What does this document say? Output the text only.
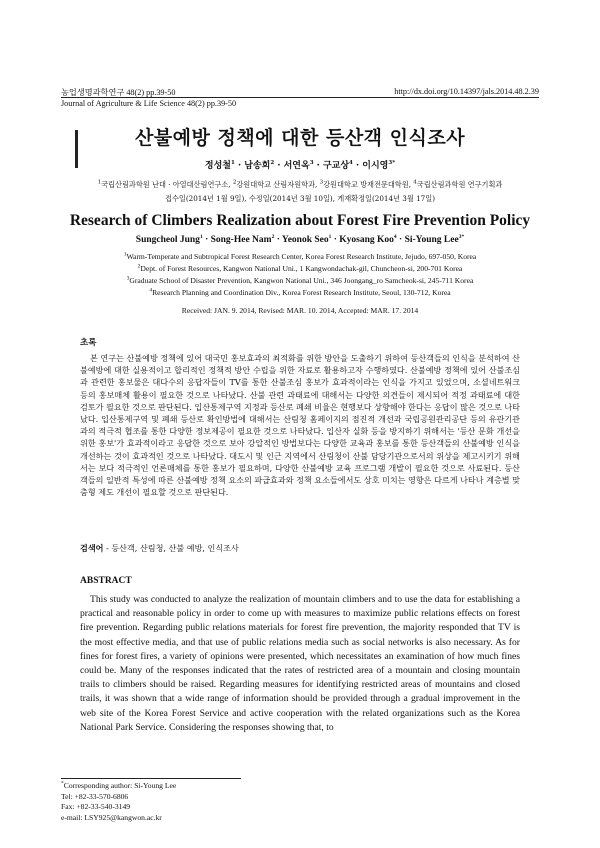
농업생명과학연구 48(2) pp.39-50	http://dx.doi.org/10.14397/jals.2014.48.2.39
Journal of Agriculture & Life Science 48(2) pp.39-50
산불예방 정책에 대한 등산객 인식조사
정성철$^1$ · 남송희$^2$ · 서연옥$^3$ · 구교상$^4$ · 이시영$^{3*}$
$^1$국립산림과학원 난대 · 아열대산림연구소, $^2$강원대학교 산림자원학과, $^3$강원대학교 방재전문대학원, $^4$국립산림과학원 연구기획과
접수일(2014년 1월 9일), 수정일(2014년 3월 10일), 게재확정일(2014년 3월 17일)
Research of Climbers Realization about Forest Fire Prevention Policy
Sungcheol Jung$^1$ · Song-Hee Nam$^2$ · Yeonok Seo$^1$ · Kyosang Koo$^4$ · Si-Young Lee$^{3*}$
$^1$Warm-Temperate and Subtropical Forest Research Center, Korea Forest Research Institute, Jejudo, 697-050, Korea
$^2$Dept. of Forest Resources, Kangwon National Uni., 1 Kangwondachak-gil, Chuncheon-si, 200-701 Korea
$^3$Graduate School of Disaster Prevention, Kangwon National Uni., 346 Joongang_ro Samcheok-si, 245-711 Korea
$^4$Research Planning and Coordination Div., Korea Forest Research Institute, Seoul, 130-712, Korea
Received: JAN. 9. 2014, Revised: MAR. 10. 2014, Accepted: MAR. 17. 2014
초록

본 연구는 산불예방 정책에 있어 대국민 홍보효과의 최적화를 위한 방안을 도출하기 위하여 등산객들의 인식을 분석하여 산불예방에 대한 실용적이고 합리적인 정책적 방안 수립을 위한 자료로 활용하고자 수행하였다. 산불예방 정책에 있어 산불조심과 관련한 홍보물은 대다수의 응답자들이 TV를 통한 산불조심 홍보가 효과적이라는 인식을 가지고 있었으며, 소셜네트워크 등의 홍보매체 활용이 필요한 것으로 나타났다. 산불 관련 과태료에 대해서는 다양한 의견들이 제시되어 적정 과태료에 대한 검토가 필요한 것으로 판단된다. 입산통제구역 지정과 등산로 폐쇄 비율은 현행보다 상향해야 한다는 응답이 많은 것으로 나타났다. 입산통제구역 및 폐쇄 등산로 확인방법에 대해서는 산림청 홈페이지의 점진적 개선과 국립공원관리공단 등의 유관기관과의 적극적 협조를 통한 다양한 정보제공이 필요한 것으로 나타났다. 입산자 실화 등을 방지하기 위해서는 '등산 문화 개선을 위한 홍보'가 효과적이라고 응답한 것으로 보아 강압적인 방법보다는 다양한 교육과 홍보를 통한 등산객들의 산불예방 인식을 개선하는 것이 효과적인 것으로 나타났다. 대도시 및 인근 지역에서 산림청이 산불 담당기관으로서의 위상을 제고시키기 위해서는 보다 적극적인 언론매체를 통한 홍보가 필요하며, 다양한 산불예방 교육 프로그램 개발이 필요한 것으로 사료된다. 등산객들의 일반적 특성에 따른 산불예방 정책 요소의 파급효과와 정책 요소들에서도 상호 미치는 영향은 다르게 나타나 계층별 맞춤형 제도 개선이 필요할 것으로 판단된다.

검색어 - 등산객, 산림청, 산불 예방, 인식조사
ABSTRACT

This study was conducted to analyze the realization of mountain climbers and to use the data for establishing a practical and reasonable policy in order to come up with measures to maximize public relations effects on forest fire prevention. Regarding public relations materials for forest fire prevention, the majority responded that TV is the most effective media, and that use of public relations media such as social networks is also necessary. As for fines for forest fires, a variety of opinions were presented, which necessitates an examination of how much fines could be. Many of the responses indicated that the rates of restricted area of a mountain and closing mountain trails to climbers should be raised. Regarding measures for identifying restricted areas of mountains and closed trails, it was shown that a wide range of information should be provided through a gradual improvement in the web site of the Korea Forest Service and active cooperation with the related organizations such as the Korea National Park Service. Considering the responses showing that, to

*Corresponding author: Si-Young Lee
Tel: +82-33-570-6806
Fax: +82-33-540-3149
e-mail: LSY925@kangwon.ac.kr
